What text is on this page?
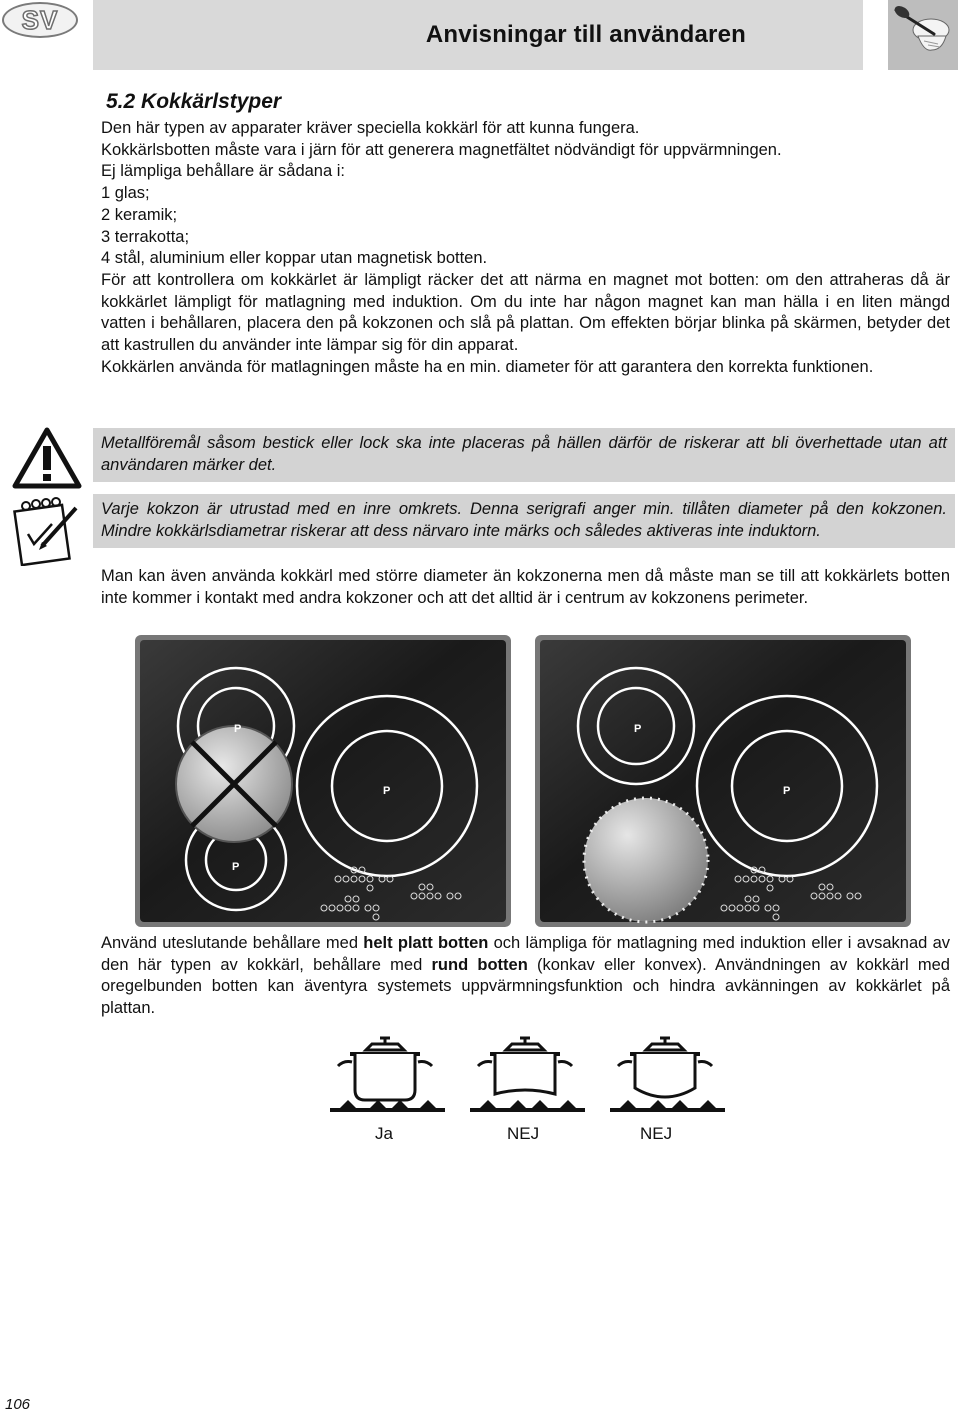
SV	Anvisningar till användaren
5.2 Kokkärlstyper

Den här typen av apparater kräver speciella kokkärl för att kunna fungera.

Kokkärlsbotten måste vara i järn för att generera magnetfältet nödvändigt för uppvärmningen.

Ej lämpliga behållare är sådana i:

1 glas;

2 keramik;

3 terrakotta;

4 stål, aluminium eller koppar utan magnetisk botten.

För att kontrollera om kokkärlet är lämpligt räcker det att närma en magnet mot botten: om den attraheras då är kokkärlet lämpligt för matlagning med induktion. Om du inte har någon magnet kan man hälla i en liten mängd vatten i behållaren, placera den på kokzonen och slå på plattan. Om effekten börjar blinka på skärmen, betyder det att kastrullen du använder inte lämpar sig för din apparat.

Kokkärlen använda för matlagningen måste ha en min. diameter för att garantera den korrekta funktionen.

Metallföremål såsom bestick eller lock ska inte placeras på hällen därför de riskerar att bli överhettade utan att användaren märker det.
Varje kokzon är utrustad med en inre omkrets. Denna serigrafi anger min. tillåten diameter på den kokzonen. Mindre kokkärlsdiametrar riskerar att dess närvaro inte märks och således aktiveras inte induktorn.
Man kan även använda kokkärl med större diameter än kokzonerna men då måste man se till att kokkärlets botten inte kommer i kontakt med andra kokzoner och att det alltid är i centrum av kokzonens perimeter.
P
P
P
P
P
Använd uteslutande behållare med helt platt botten och lämpliga för matlagning med induktion eller i avsaknad av den här typen av kokkärl, behållare med rund botten (konkav eller konvex). Användningen av kokkärl med oregelbunden botten kan äventyra systemets uppvärmningsfunktion och hindra avkänningen av kokkärlet på plattan.
Ja	NEJ	NEJ
106
